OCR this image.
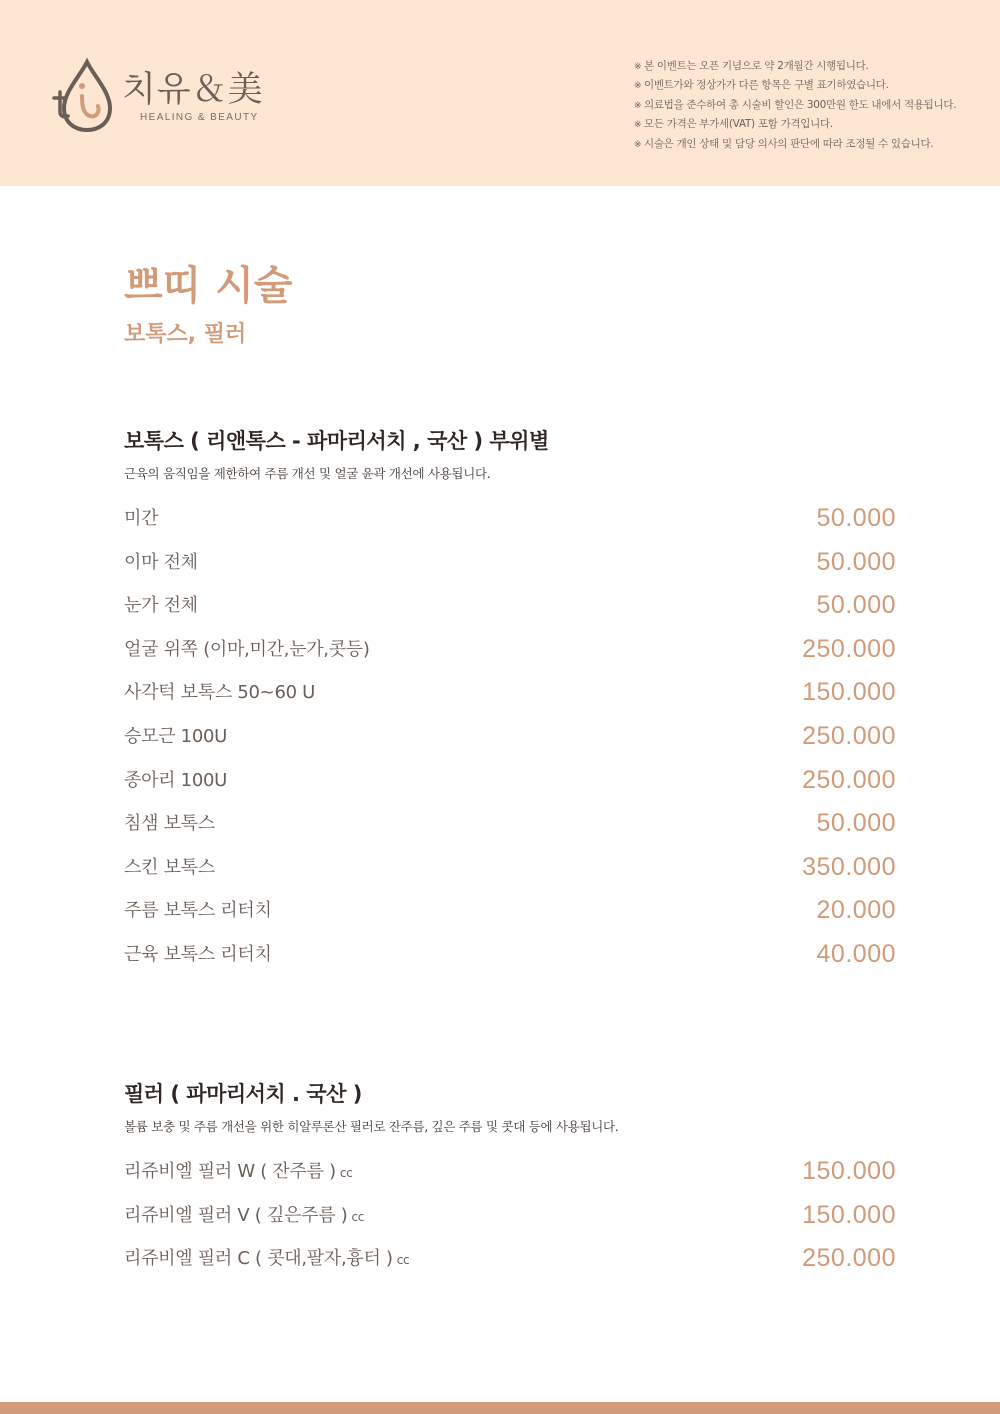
치유＆美
HEALING & BEAUTY
※ 본 이벤트는 오픈 기념으로 약 2개월간 시행됩니다.
※ 이벤트가와 정상가가 다른 항목은 구별 표기하였습니다.
※ 의료법을 준수하여 총 시술비 할인은 300만원 한도 내에서 적용됩니다.
※ 모든 가격은 부가세(VAT) 포함 가격입니다.
※ 시술은 개인 상태 및 담당 의사의 판단에 따라 조정될 수 있습니다.
쁘띠 시술
보톡스, 필러
보톡스 ( 리앤톡스 - 파마리서치 , 국산 ) 부위별

근육의 움직임을 제한하여 주름 개선 및 얼굴 윤곽 개선에 사용됩니다.

미간	50.000
이마 전체	50.000
눈가 전체	50.000
얼굴 위쪽 (이마,미간,눈가,콧등)	250.000
사각턱 보톡스 50~60 U	150.000
승모근 100U	250.000
종아리 100U	250.000
침샘 보톡스	50.000
스킨 보톡스	350.000
주름 보톡스 리터치	20.000
근육 보톡스 리터치	40.000
필러 ( 파마리서치 . 국산 )

볼륨 보충 및 주름 개선을 위한 히알루론산 필러로 잔주름, 깊은 주름 및 콧대 등에 사용됩니다.

리쥬비엘 필러 W ( 잔주름 ) cc	150.000
리쥬비엘 필러 V ( 깊은주름 ) cc	150.000
리쥬비엘 필러 C ( 콧대,팔자,흉터 ) cc	250.000
